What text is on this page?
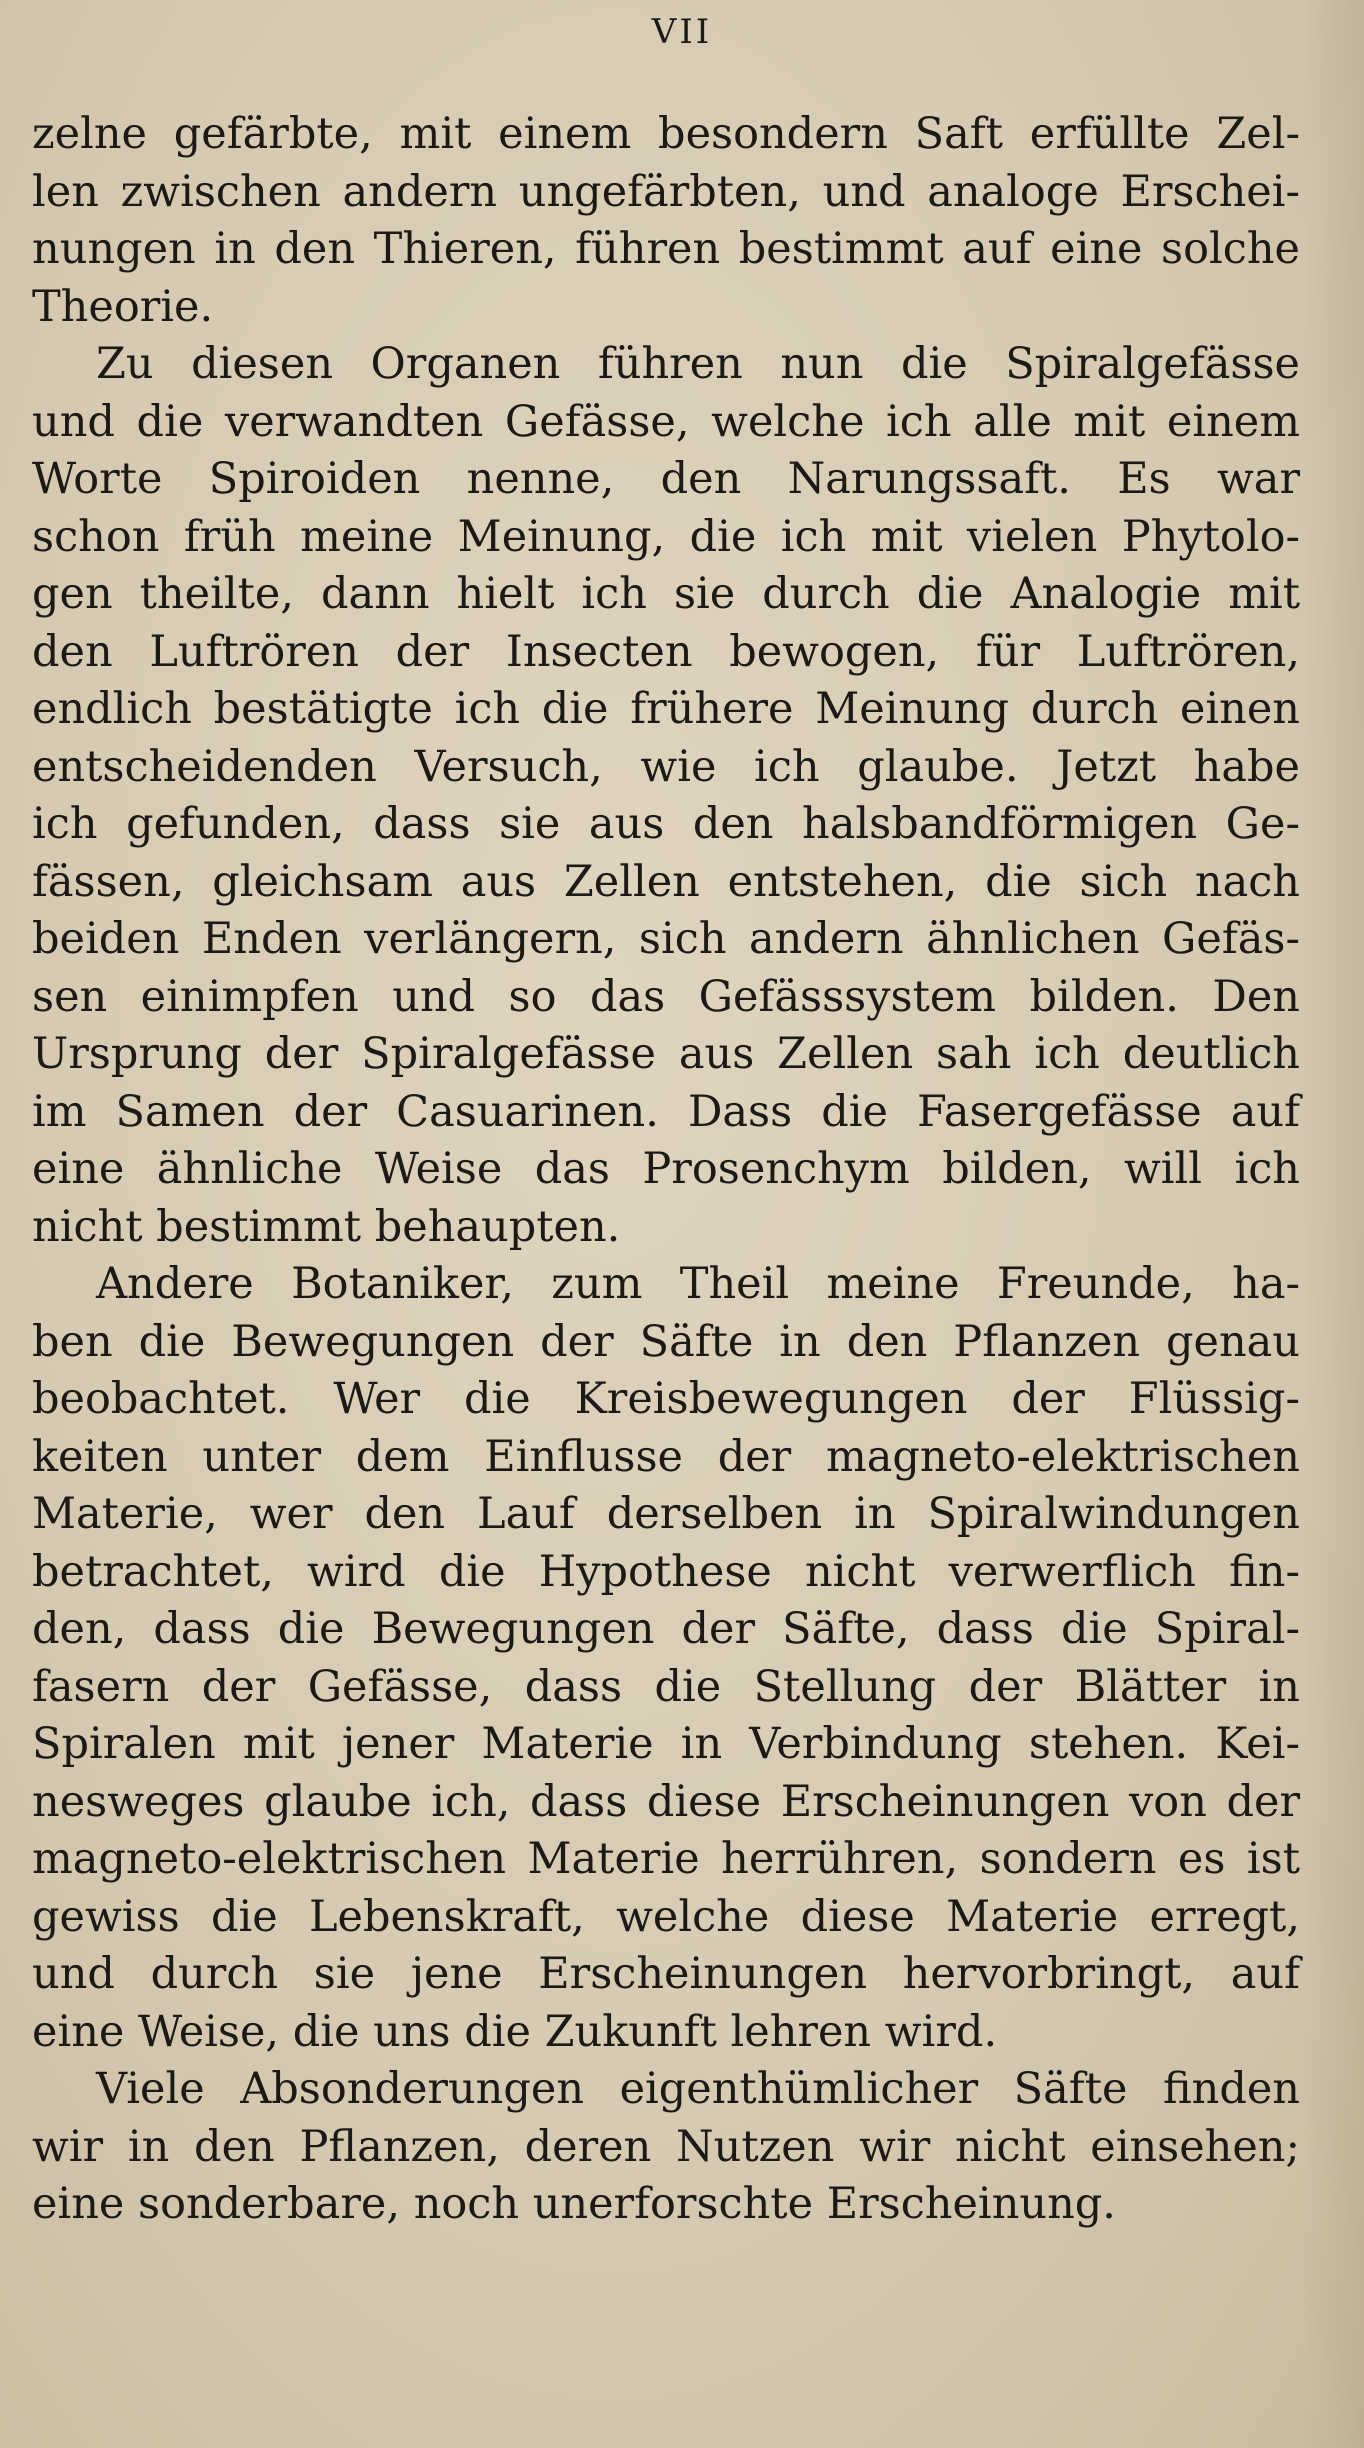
VII
zelne gefärbte, mit einem besondern Saft erfüllte Zel-
len zwischen andern ungefärbten, und analoge Erschei-
nungen in den Thieren, führen bestimmt auf eine solche
Theorie.
Zu diesen Organen führen nun die Spiralgefässe
und die verwandten Gefässe, welche ich alle mit einem
Worte Spiroiden nenne, den Narungssaft. Es war
schon früh meine Meinung, die ich mit vielen Phytolo-
gen theilte, dann hielt ich sie durch die Analogie mit
den Luftrören der Insecten bewogen, für Luftrören,
endlich bestätigte ich die frühere Meinung durch einen
entscheidenden Versuch, wie ich glaube. Jetzt habe
ich gefunden, dass sie aus den halsbandförmigen Ge-
fässen, gleichsam aus Zellen entstehen, die sich nach
beiden Enden verlängern, sich andern ähnlichen Gefäs-
sen einimpfen und so das Gefässsystem bilden. Den
Ursprung der Spiralgefässe aus Zellen sah ich deutlich
im Samen der Casuarinen. Dass die Fasergefässe auf
eine ähnliche Weise das Prosenchym bilden, will ich
nicht bestimmt behaupten.
Andere Botaniker, zum Theil meine Freunde, ha-
ben die Bewegungen der Säfte in den Pflanzen genau
beobachtet. Wer die Kreisbewegungen der Flüssig-
keiten unter dem Einflusse der magneto-elektrischen
Materie, wer den Lauf derselben in Spiralwindungen
betrachtet, wird die Hypothese nicht verwerflich fin-
den, dass die Bewegungen der Säfte, dass die Spiral-
fasern der Gefässe, dass die Stellung der Blätter in
Spiralen mit jener Materie in Verbindung stehen. Kei-
nesweges glaube ich, dass diese Erscheinungen von der
magneto-elektrischen Materie herrühren, sondern es ist
gewiss die Lebenskraft, welche diese Materie erregt,
und durch sie jene Erscheinungen hervorbringt, auf
eine Weise, die uns die Zukunft lehren wird.
Viele Absonderungen eigenthümlicher Säfte finden
wir in den Pflanzen, deren Nutzen wir nicht einsehen;
eine sonderbare, noch unerforschte Erscheinung.
